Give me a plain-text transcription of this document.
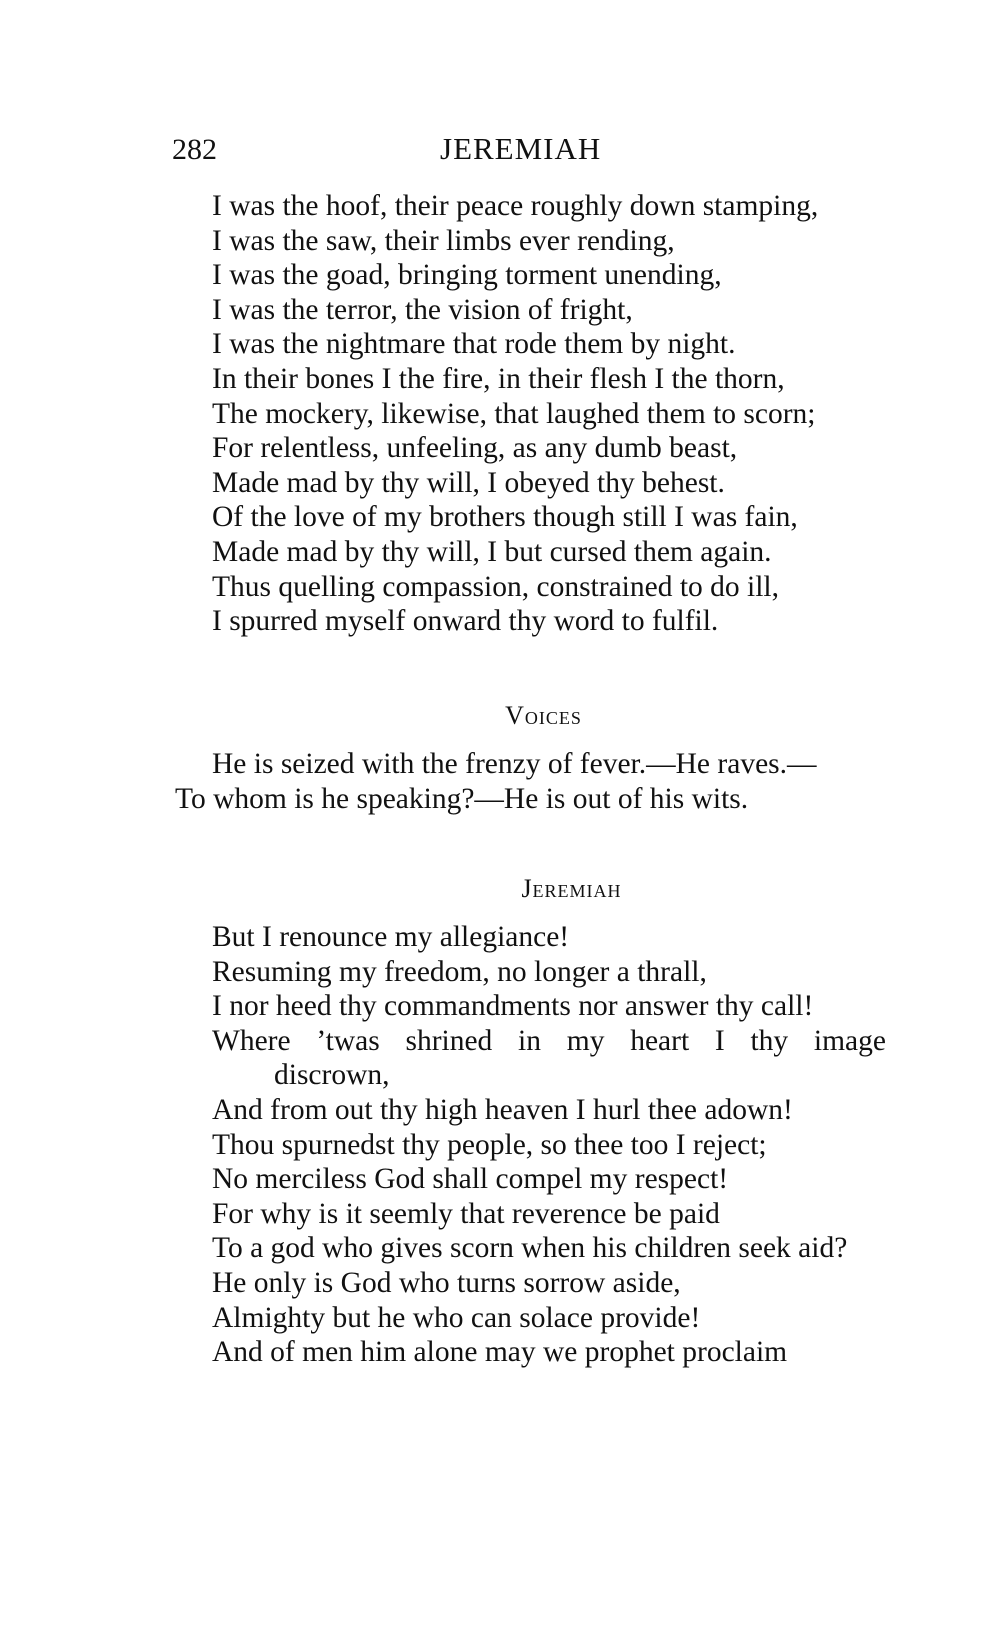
282	JEREMIAH
I was the hoof, their peace roughly down stamping,
I was the saw, their limbs ever rending,
I was the goad, bringing torment unending,
I was the terror, the vision of fright,
I was the nightmare that rode them by night.
In their bones I the fire, in their flesh I the thorn,
The mockery, likewise, that laughed them to scorn;
For relentless, unfeeling, as any dumb beast,
Made mad by thy will, I obeyed thy behest.
Of the love of my brothers though still I was fain,
Made mad by thy will, I but cursed them again.
Thus quelling compassion, constrained to do ill,
I spurred myself onward thy word to fulfil.
Voices
He is seized with the frenzy of fever.—He raves.—
To whom is he speaking?—He is out of his wits.
Jeremiah
But I renounce my allegiance!
Resuming my freedom, no longer a thrall,
I nor heed thy commandments nor answer thy call!
Where ’twas shrined in my heart I thy image
discrown,
And from out thy high heaven I hurl thee adown!
Thou spurnedst thy people, so thee too I reject;
No merciless God shall compel my respect!
For why is it seemly that reverence be paid
To a god who gives scorn when his children seek aid?
He only is God who turns sorrow aside,
Almighty but he who can solace provide!
And of men him alone may we prophet proclaim
